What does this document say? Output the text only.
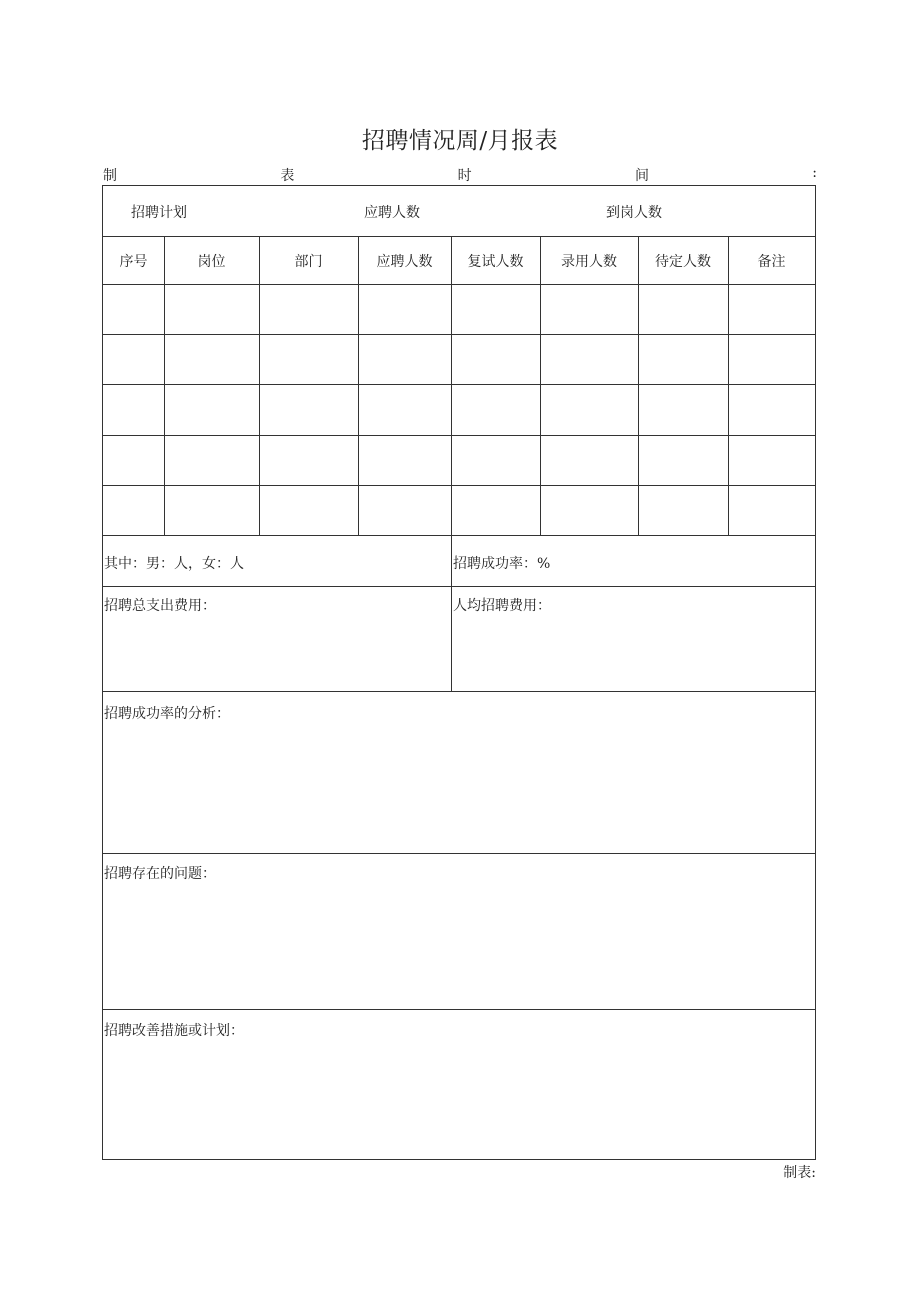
招聘情况周/月报表
制	表	时	间	:
招聘计划	应聘人数	到岗人数
序号	岗位	部门	应聘人数	复试人数	录用人数	待定人数	备注
其中：男：人，女：人	招聘成功率：%
招聘总支出费用：	人均招聘费用：
招聘成功率的分析：
招聘存在的问题：
招聘改善措施或计划：
制表:
